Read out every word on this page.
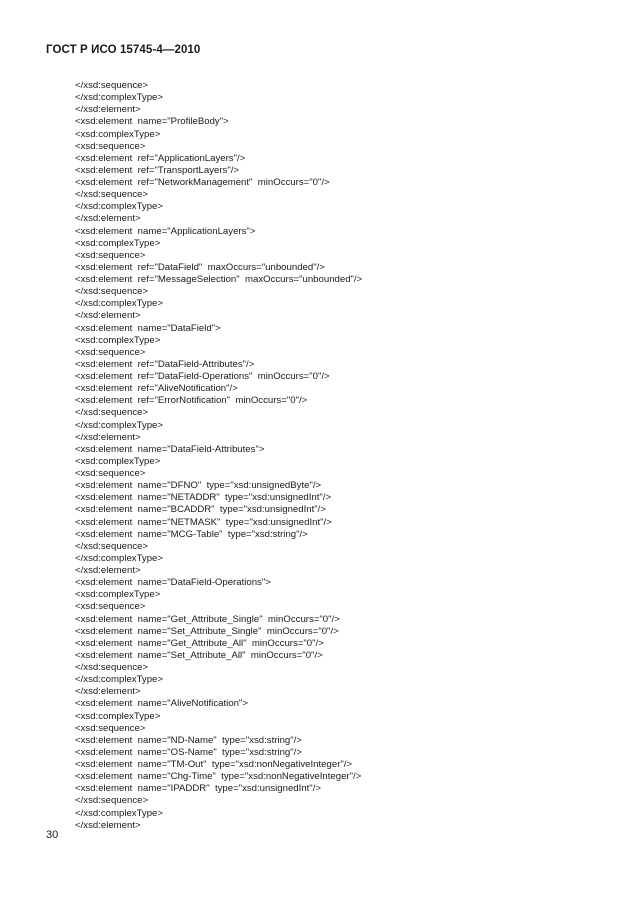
ГОСТ Р ИСО 15745-4—2010
</xsd:sequence>
</xsd:complexType>
</xsd:element>
<xsd:element  name="ProfileBody">
<xsd:complexType>
<xsd:sequence>
<xsd:element  ref="ApplicationLayers"/>
<xsd:element  ref="TransportLayers"/>
<xsd:element  ref="NetworkManagement"  minOccurs="0"/>
</xsd:sequence>
</xsd:complexType>
</xsd:element>
<xsd:element  name="ApplicationLayers">
<xsd:complexType>
<xsd:sequence>
<xsd:element  ref="DataField"  maxOccurs="unbounded"/>
<xsd:element  ref="MessageSelection"  maxOccurs="unbounded"/>
</xsd:sequence>
</xsd:complexType>
</xsd:element>
<xsd:element  name="DataField">
<xsd:complexType>
<xsd:sequence>
<xsd:element  ref="DataField-Attributes"/>
<xsd:element  ref="DataField-Operations"  minOccurs="0"/>
<xsd:element  ref="AliveNotification"/>
<xsd:element  ref="ErrorNotification"  minOccurs="0"/>
</xsd:sequence>
</xsd:complexType>
</xsd:element>
<xsd:element  name="DataField-Attributes">
<xsd:complexType>
<xsd:sequence>
<xsd:element  name="DFNO"  type="xsd:unsignedByte"/>
<xsd:element  name="NETADDR"  type="xsd:unsignedInt"/>
<xsd:element  name="BCADDR"  type="xsd:unsignedInt"/>
<xsd:element  name="NETMASK"  type="xsd:unsignedInt"/>
<xsd:element  name="MCG-Table"  type="xsd:string"/>
</xsd:sequence>
</xsd:complexType>
</xsd:element>
<xsd:element  name="DataField-Operations">
<xsd:complexType>
<xsd:sequence>
<xsd:element  name="Get_Attribute_Single"  minOccurs="0"/>
<xsd:element  name="Set_Attribute_Single"  minOccurs="0"/>
<xsd:element  name="Get_Attribute_All"  minOccurs="0"/>
<xsd:element  name="Set_Attribute_All"  minOccurs="0"/>
</xsd:sequence>
</xsd:complexType>
</xsd:element>
<xsd:element  name="AliveNotification">
<xsd:complexType>
<xsd:sequence>
<xsd:element  name="ND-Name"  type="xsd:string"/>
<xsd:element  name="OS-Name"  type="xsd:string"/>
<xsd:element  name="TM-Out"  type="xsd:nonNegativeInteger"/>
<xsd:element  name="Chg-Time"  type="xsd:nonNegativeInteger"/>
<xsd:element  name="IPADDR"  type="xsd:unsignedInt"/>
</xsd:sequence>
</xsd:complexType>
</xsd:element>
30
